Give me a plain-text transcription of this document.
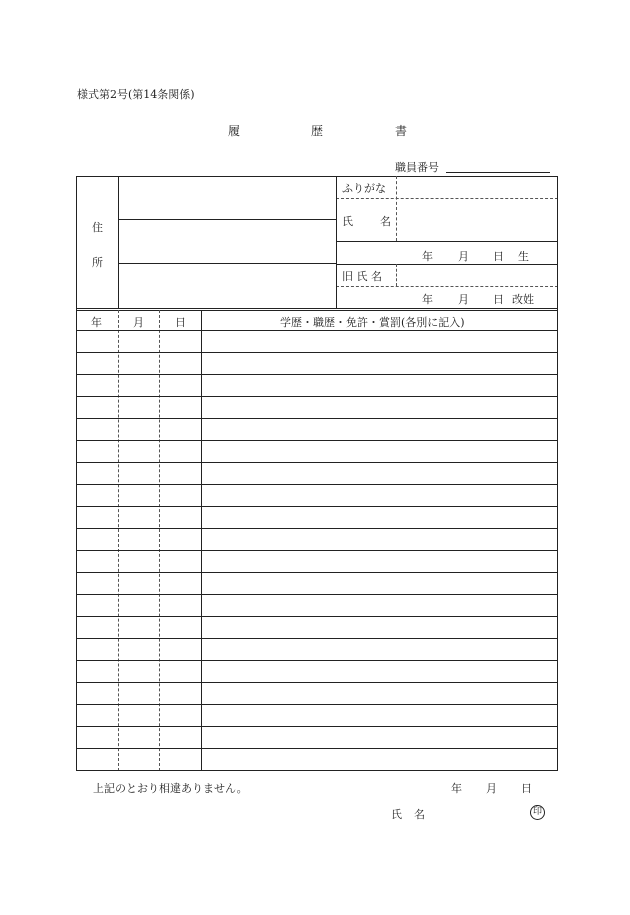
様式第2号(第14条関係)
履	歴	書
職員番号
住
所
ふりがな
氏 名
年 月 日 生
旧 氏 名
年 月 日 改姓
年	月	日	学歴・職歴・免許・賞罰(各別に記入)
上記のとおり相違ありません。	年 月 日
氏 名	印
